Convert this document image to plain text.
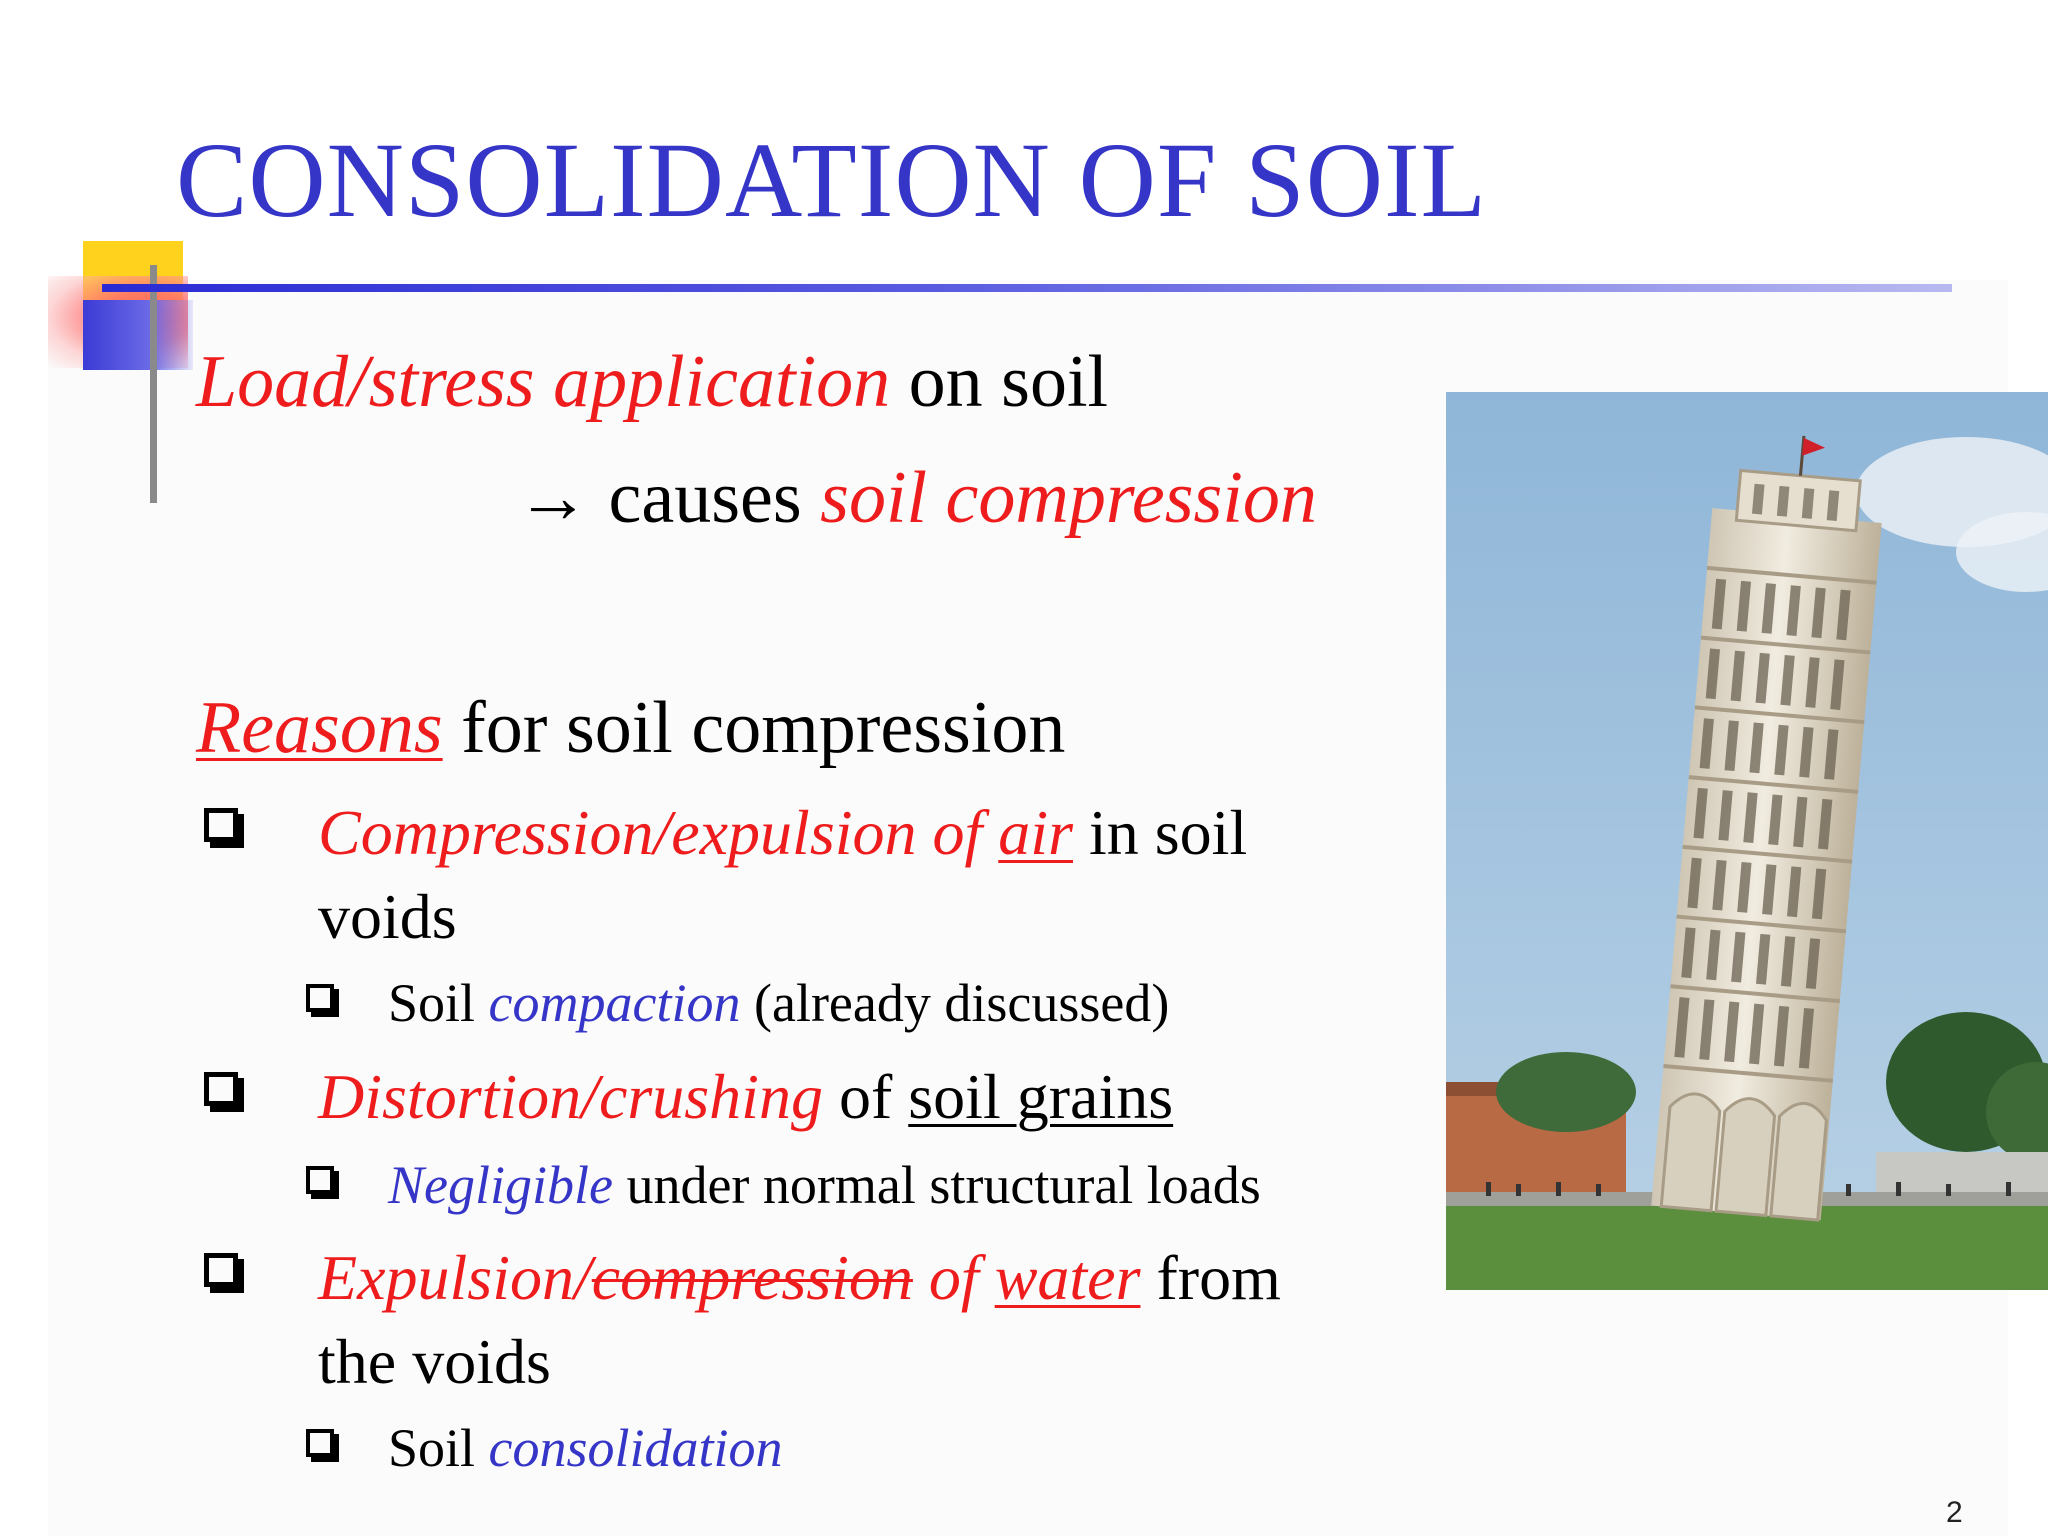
CONSOLIDATION OF SOIL
Load/stress application on soil
→ causes soil compression
Reasons for soil compression
Compression/expulsion of air in soil
voids
Soil compaction (already discussed)
Distortion/crushing of soil grains
Negligible under normal structural loads
Expulsion/compression of water from
the voids
Soil consolidation
2
